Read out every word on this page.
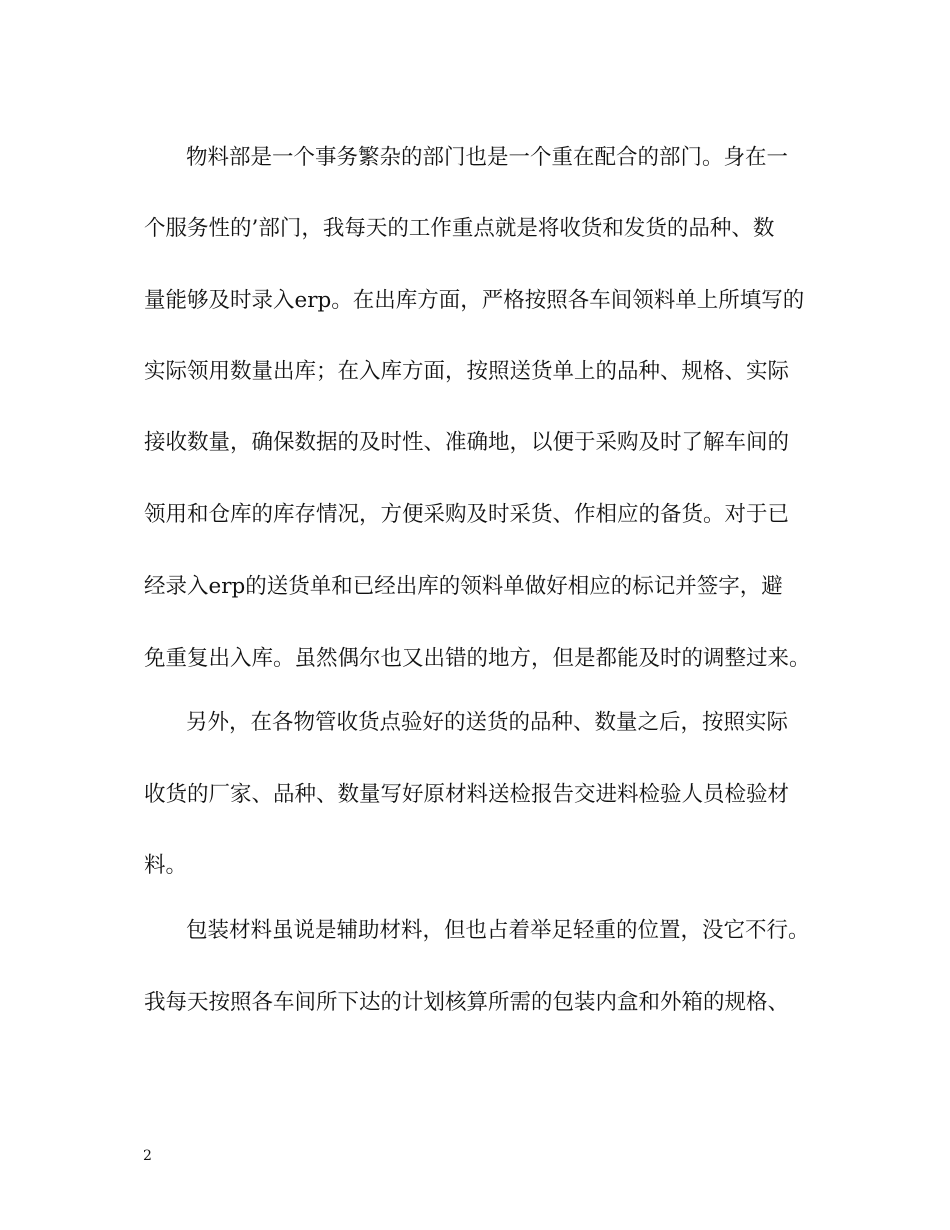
物料部是一个事务繁杂的部门也是一个重在配合的部门。身在一
个服务性的’部门，我每天的工作重点就是将收货和发货的品种、数
量能够及时录入erp。在出库方面，严格按照各车间领料单上所填写的
实际领用数量出库；在入库方面，按照送货单上的品种、规格、实际
接收数量，确保数据的及时性、准确地，以便于采购及时了解车间的
领用和仓库的库存情况，方便采购及时采货、作相应的备货。对于已
经录入erp的送货单和已经出库的领料单做好相应的标记并签字，避
免重复出入库。虽然偶尔也又出错的地方，但是都能及时的调整过来。
另外，在各物管收货点验好的送货的品种、数量之后，按照实际
收货的厂家、品种、数量写好原材料送检报告交进料检验人员检验材
料。
包装材料虽说是辅助材料，但也占着举足轻重的位置，没它不行。
我每天按照各车间所下达的计划核算所需的包装内盒和外箱的规格、
2
